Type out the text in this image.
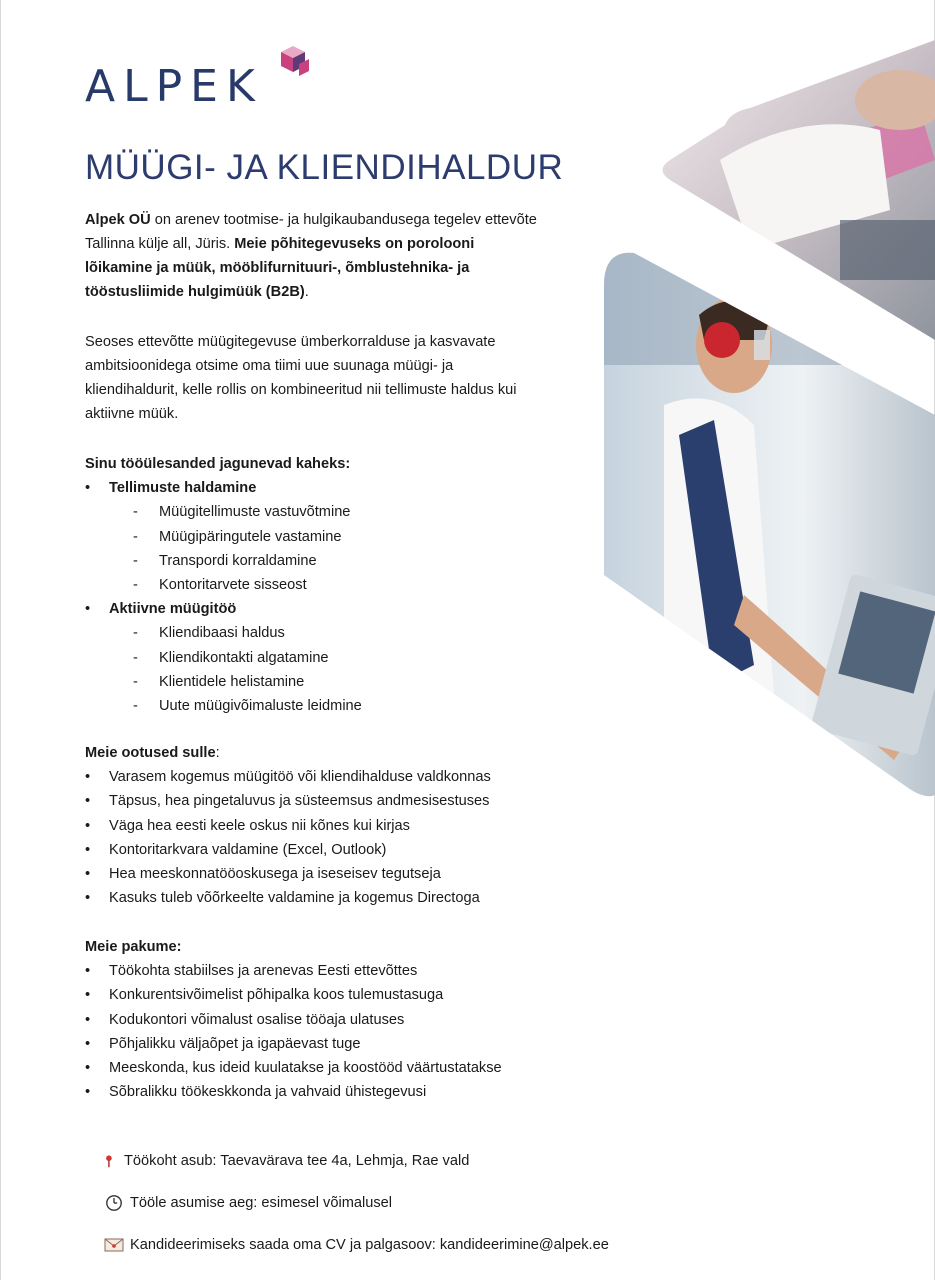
ALPEK
MÜÜGI- JA KLIENDIHALDUR
Alpek OÜ on arenev tootmise- ja hulgikaubandusega tegelev ettevõte Tallinna külje all, Jüris. Meie põhitegevuseks on porolooni lõikamine ja müük, mööblifurnituuri-, õmblustehnika- ja tööstusliimide hulgimüük (B2B).
Seoses ettevõtte müügitegevuse ümberkorralduse ja kasvavate ambitsioonidega otsime oma tiimi uue suunaga müügi- ja kliendihaldurit, kelle rollis on kombineeritud nii tellimuste haldus kui aktiivne müük.
Sinu tööülesanded jagunevad kaheks:
• Tellimuste haldamine
- Müügitellimuste vastuvõtmine
- Müügipäringutele vastamine
- Transpordi korraldamine
- Kontoritarvete sisseost
• Aktiivne müügitöö
- Kliendibaasi haldus
- Kliendikontakti algatamine
- Klientidele helistamine
- Uute müügivõimaluste leidmine
Meie ootused sulle:
• Varasem kogemus müügitöö või kliendihalduse valdkonnas
• Täpsus, hea pingetaluvus ja süsteemsus andmesisestuses
• Väga hea eesti keele oskus nii kõnes kui kirjas
• Kontoritarkvara valdamine (Excel, Outlook)
• Hea meeskonnatööoskusega ja iseseisev tegutseja
• Kasuks tuleb võõrkeelte valdamine ja kogemus Directoga
Meie pakume:
• Töökohta stabiilses ja arenevas Eesti ettevõttes
• Konkurentsivõimelist põhipalka koos tulemustasuga
• Kodukontori võimalust osalise tööaja ulatuses
• Põhjalikku väljaõpet ja igapäevast tuge
• Meeskonda, kus ideid kuulatakse ja koostööd väärtustatakse
• Sõbralikku töökeskkonda ja vahvaid ühistegevusi
Töökoht asub: Taevavärava tee 4a, Lehmja, Rae vald
Tööle asumise aeg: esimesel võimalusel
Kandideerimiseks saada oma CV ja palgasoov: kandideerimine@alpek.ee
